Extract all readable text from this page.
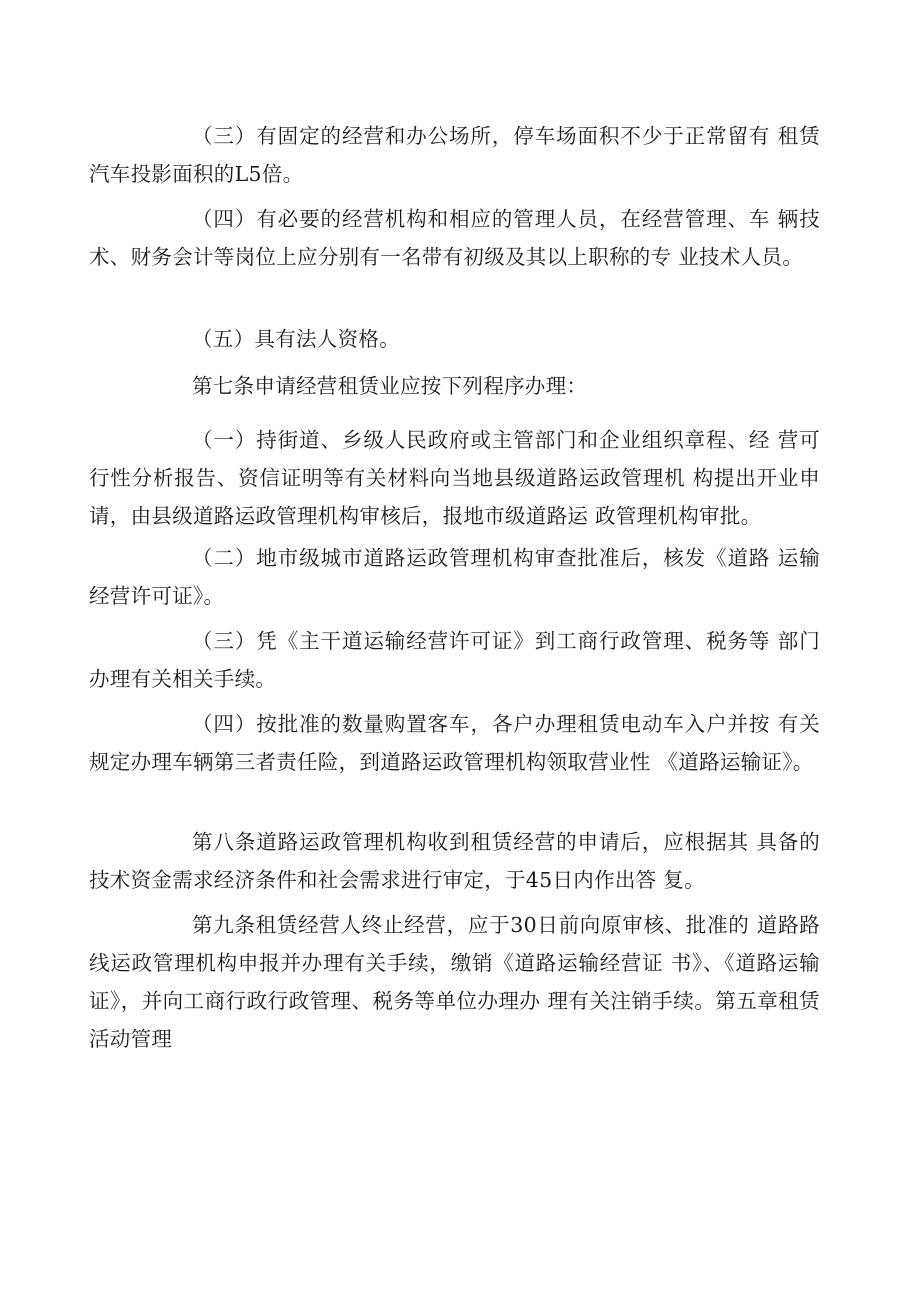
（三）有固定的经营和办公场所，停车场面积不少于正常留有 租赁汽车投影面积的L5倍。

（四）有必要的经营机构和相应的管理人员，在经营管理、车 辆技术、财务会计等岗位上应分别有一名带有初级及其以上职称的专 业技术人员。

（五）具有法人资格。

第七条申请经营租赁业应按下列程序办理：

（一）持街道、乡级人民政府或主管部门和企业组织章程、经 营可行性分析报告、资信证明等有关材料向当地县级道路运政管理机 构提出开业申请，由县级道路运政管理机构审核后，报地市级道路运 政管理机构审批。

（二）地市级城市道路运政管理机构审查批准后，核发《道路 运输经营许可证》。

（三）凭《主干道运输经营许可证》到工商行政管理、税务等 部门办理有关相关手续。

（四）按批准的数量购置客车，各户办理租赁电动车入户并按 有关规定办理车辆第三者责任险，到道路运政管理机构领取营业性 《道路运输证》。

第八条道路运政管理机构收到租赁经营的申请后，应根据其 具备的技术资金需求经济条件和社会需求进行审定，于45日内作出答 复。

第九条租赁经营人终止经营，应于30日前向原审核、批准的 道路路线运政管理机构申报并办理有关手续，缴销《道路运输经营证 书》、《道路运输证》，并向工商行政行政管理、税务等单位办理办 理有关注销手续。第五章租赁活动管理
